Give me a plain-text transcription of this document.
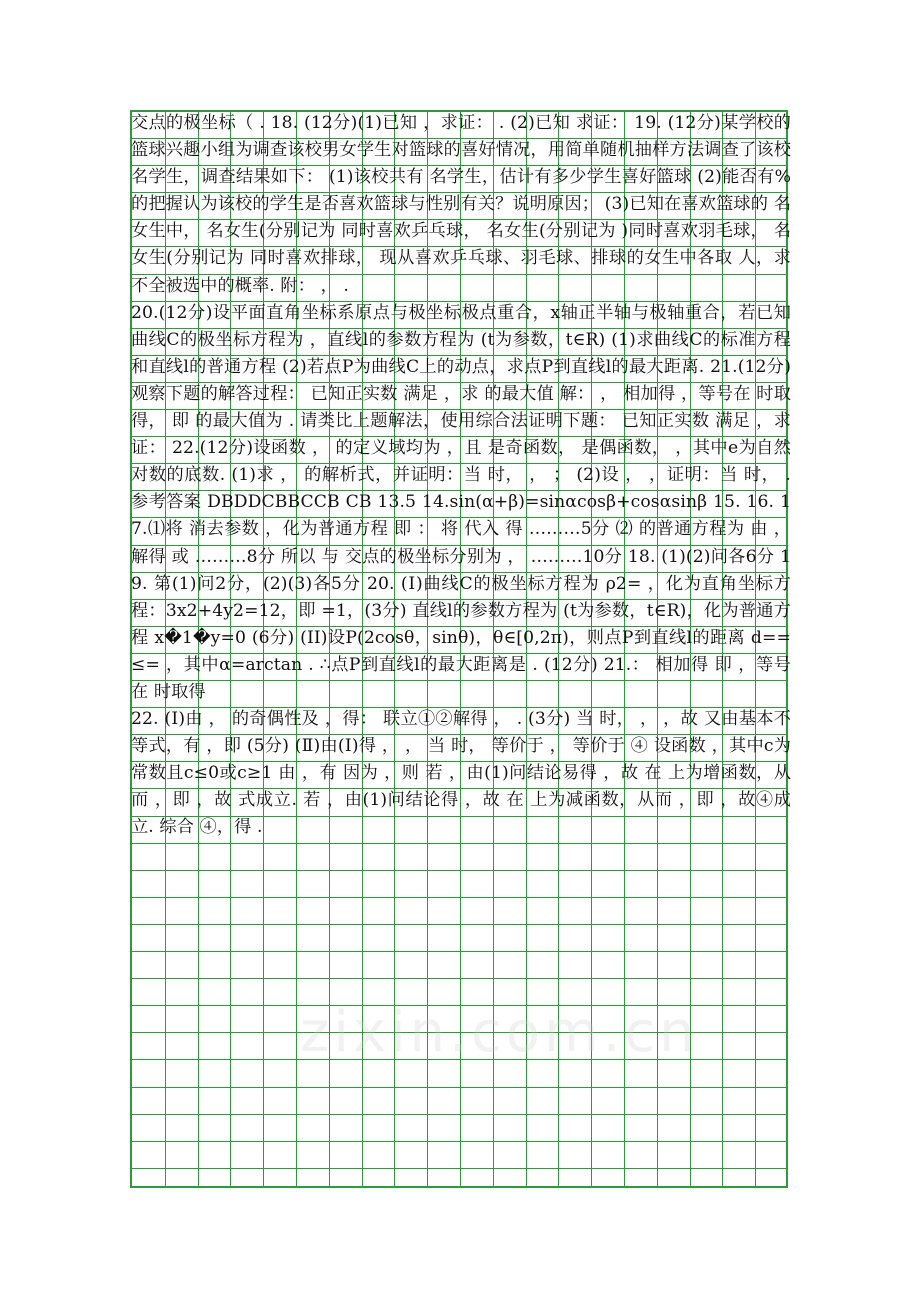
交点的极坐标（ . 18. (12分)(1)已知 ，求证： . (2)已知 求证： 19. (12分)某学校的篮球兴趣小组为调查该校男女学生对篮球的喜好情况，用简单随机抽样方法调查了该校 名学生，调查结果如下： (1)该校共有 名学生，估计有多少学生喜好篮球 (2)能否有%的把握认为该校的学生是否喜欢篮球与性别有关？说明原因； (3)已知在喜欢篮球的 名女生中， 名女生(分别记为 同时喜欢乒乓球， 名女生(分别记为 )同时喜欢羽毛球， 名女生(分别记为 同时喜欢排球， 现从喜欢乒乓球、羽毛球、排球的女生中各取 人，求 不全被选中的概率. 附： ， .

20.(12分)设平面直角坐标系原点与极坐标极点重合，x轴正半轴与极轴重合，若已知曲线C的极坐标方程为 ，直线l的参数方程为 (t为参数，t∈R) (1)求曲线C的标准方程和直线l的普通方程 (2)若点P为曲线C上的动点，求点P到直线l的最大距离. 21.(12分)观察下题的解答过程： 已知正实数 满足 ，求 的最大值 解： ， 相加得 ，等号在 时取得， 即 的最大值为 . 请类比上题解法，使用综合法证明下题： 已知正实数 满足 ，求证： 22.(12分)设函数 ， 的定义域均为 ，且 是奇函数， 是偶函数， ，其中e为自然对数的底数. (1)求 ， 的解析式，并证明：当 时， ， ； (2)设 ， ，证明：当 时， . 参考答案 DBDDCBBCCB CB 13.5 14.sin(α+β)=sinαcosβ+cosαsinβ 15. 16. 17.⑴将 消去参数 ，化为普通方程 即 ： 将 代入 得 ………5分 ⑵ 的普通方程为 由 ，解得 或 ………8分 所以 与 交点的极坐标分别为 ， ………10分 18. (1)(2)问各6分 19. 第(1)问2分，(2)(3)各5分 20. (Ⅰ)曲线C的极坐标方程为 ρ2= ，化为直角坐标方程：3x2+4y2=12，即 =1，(3分) 直线l的参数方程为 (t为参数，t∈R)，化为普通方程 x�1�y=0 (6分) (II)设P(2cosθ，sinθ)，θ∈[0,2π)，则点P到直线l的距离 d==≤= ，其中α=arctan . ∴点P到直线l的最大距离是 . (12分) 21.： 相加得 即 ，等号在 时取得

22. (Ⅰ)由 ， 的奇偶性及 ，得： 联立①②解得 ， . (3分) 当 时， ， ，故 又由基本不等式，有 ，即 (5分) (Ⅱ)由(Ⅰ)得 ， ， 当 时， 等价于 ， 等价于 ④ 设函数 ，其中c为常数且c≤0或c≥1 由 ，有 因为 ，则 若 ，由(1)问结论易得 ，故 在 上为增函数，从而 ，即 ，故 式成立. 若 ，由(1)问结论得 ，故 在 上为减函数，从而 ，即 ，故④成立. 综合 ④，得 .

zixin.com.cn
